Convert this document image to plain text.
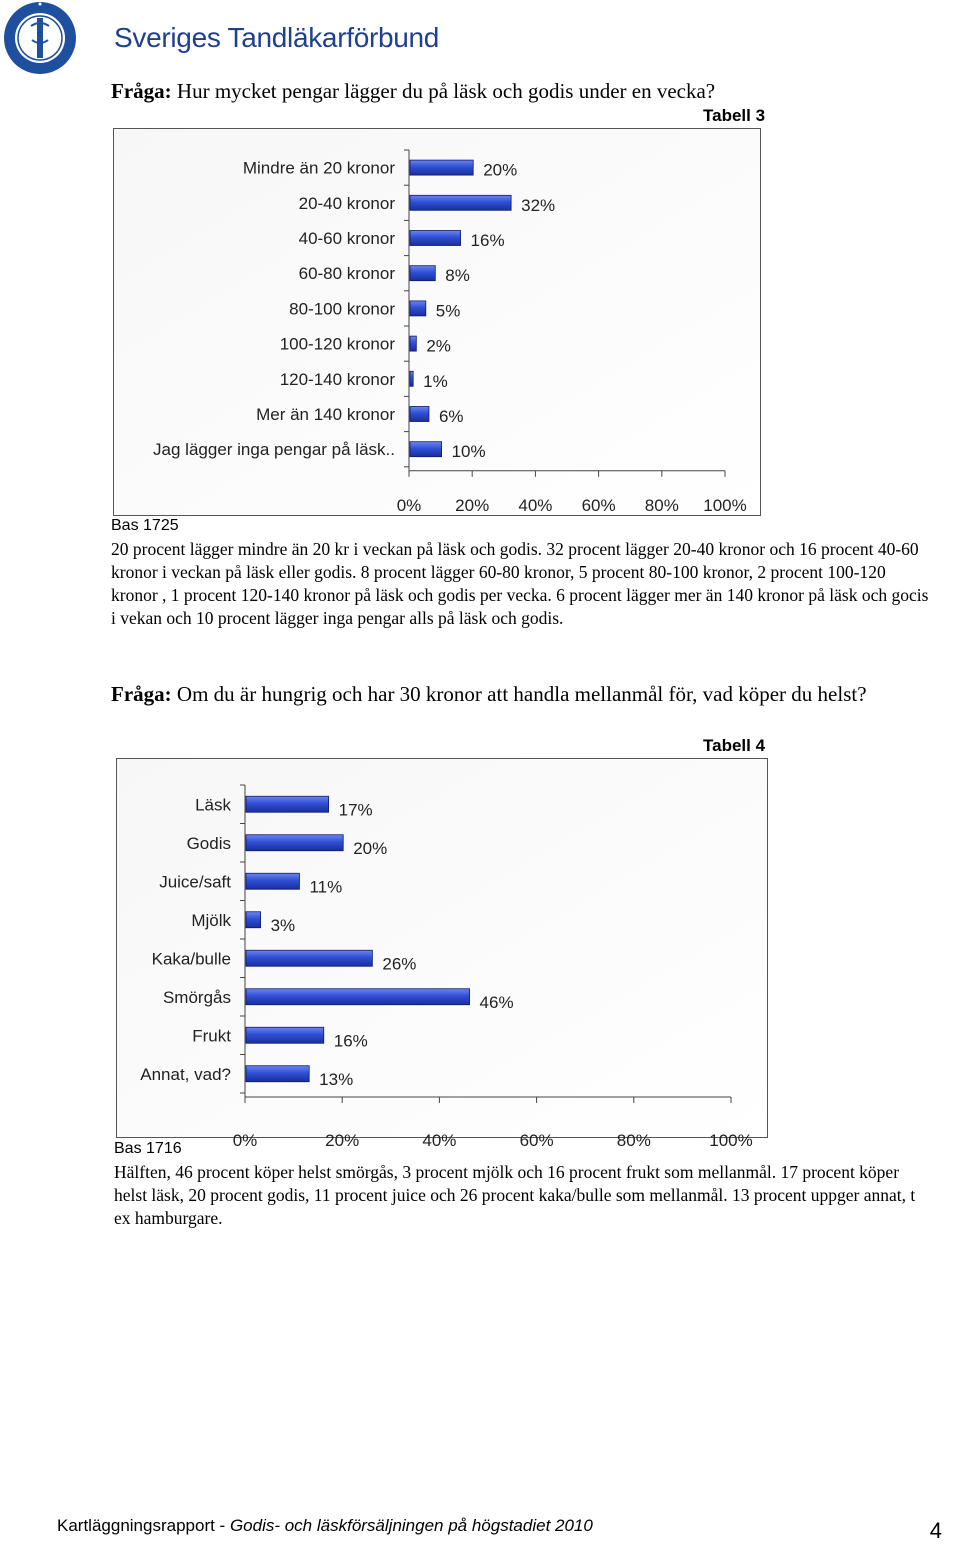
Sveriges Tandläkarförbund
Fråga: Hur mycket pengar lägger du på läsk och godis under en vecka?
Tabell 3
Mindre än 20 kronor	20%
20-40 kronor	32%
40-60 kronor	16%
60-80 kronor	8%
80-100 kronor 5%
100-120 kronor 2%
120-140 kronor 1%
Mer än 140 kronor	6%
Jag lägger inga pengar på läsk..	10%
0% 20% 40% 60% 80% 100%
Bas 1725
20 procent lägger mindre än 20 kr i veckan på läsk och godis. 32 procent lägger 20-40 kronor och 16 procent 40-60 kronor i veckan på läsk eller godis. 8 procent lägger 60-80 kronor, 5 procent 80-100 kronor, 2 procent 100-120 kronor , 1 procent 120-140 kronor på läsk och godis per vecka. 6 procent lägger mer än 140 kronor på läsk och gocis i vekan och 10 procent lägger inga pengar alls på läsk och godis.
Fråga: Om du är hungrig och har 30 kronor att handla mellanmål för, vad köper du helst?
Tabell 4
Läsk	17%
Godis	20%
Juice/saft	11%
Mjölk 3%
Kaka/bulle	26%
Smörgås	46%
Frukt	16%
Annat, vad?	13%
0%	20%	40%	60%	80%	100%
Bas 1716
Hälften, 46 procent köper helst smörgås, 3 procent mjölk och 16 procent frukt som mellanmål. 17 procent köper helst läsk, 20 procent godis, 11 procent juice och 26 procent kaka/bulle som mellanmål. 13 procent uppger annat, t ex hamburgare.
Kartläggningsrapport - Godis- och läskförsäljningen på högstadiet 2010	4
